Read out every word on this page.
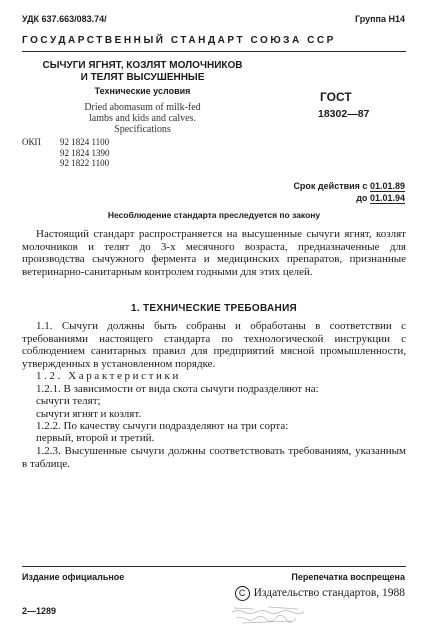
УДК 637.663/083.74/	Группа Н14
ГОСУДАРСТВЕННЫЙ СТАНДАРТ СОЮЗА ССР
СЫЧУГИ ЯГНЯТ, КОЗЛЯТ МОЛОЧНИКОВ
И ТЕЛЯТ ВЫСУШЕННЫЕ
Технические условия
Dried abomasum of milk-fed
lambs and kids and calves.
Specifications
ГОСТ
18302—87
ОКП 92 1824 1100
92 1824 1390
92 1822 1100
Срок действия с 01.01.89
до 01.01.94
Несоблюдение стандарта преследуется по закону
Настоящий стандарт распространяется на высушенные сычуги ягнят, козлят молочников и телят до 3-х месячного возраста, предназначенные для производства сычужного фермента и медицинских препаратов, признанные ветеринарно-санитарным контролем годными для этих целей.
1. ТЕХНИЧЕСКИЕ ТРЕБОВАНИЯ
1.1. Сычуги должны быть собраны и обработаны в соответствии с требованиями настоящего стандарта по технологической инструкции с соблюдением санитарных правил для предприятий мясной промышленности, утвержденных в установленном порядке.
1.2. Характеристики
1.2.1. В зависимости от вида скота сычуги подразделяют на:
сычуги телят;
сычуги ягнят и козлят.
1.2.2. По качеству сычуги подразделяют на три сорта:
первый, второй и третий.
1.2.3. Высушенные сычуги должны соответствовать требованиям, указанным в таблице.
Издание официальное	Перепечатка воспрещена
C Издательство стандартов, 1988
2—1289
